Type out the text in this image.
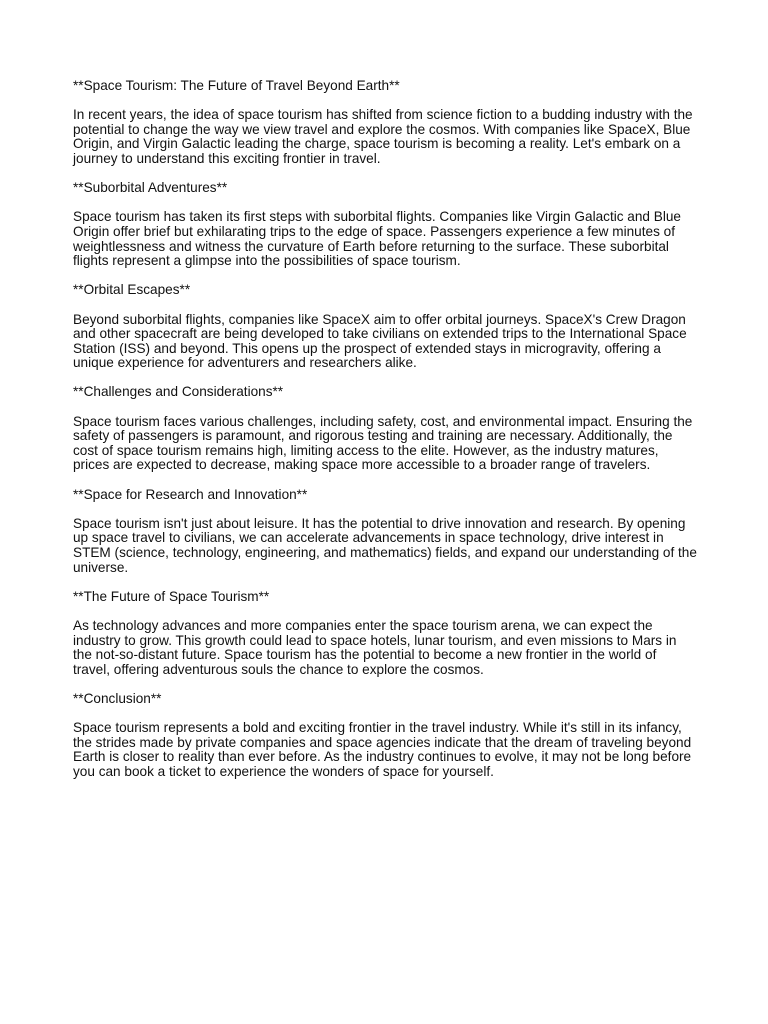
**Space Tourism: The Future of Travel Beyond Earth**

In recent years, the idea of space tourism has shifted from science fiction to a budding industry with the potential to change the way we view travel and explore the cosmos. With companies like SpaceX, Blue Origin, and Virgin Galactic leading the charge, space tourism is becoming a reality. Let's embark on a journey to understand this exciting frontier in travel.

**Suborbital Adventures**

Space tourism has taken its first steps with suborbital flights. Companies like Virgin Galactic and Blue Origin offer brief but exhilarating trips to the edge of space. Passengers experience a few minutes of weightlessness and witness the curvature of Earth before returning to the surface. These suborbital flights represent a glimpse into the possibilities of space tourism.

**Orbital Escapes**

Beyond suborbital flights, companies like SpaceX aim to offer orbital journeys. SpaceX's Crew Dragon and other spacecraft are being developed to take civilians on extended trips to the International Space Station (ISS) and beyond. This opens up the prospect of extended stays in microgravity, offering a unique experience for adventurers and researchers alike.

**Challenges and Considerations**

Space tourism faces various challenges, including safety, cost, and environmental impact. Ensuring the safety of passengers is paramount, and rigorous testing and training are necessary. Additionally, the cost of space tourism remains high, limiting access to the elite. However, as the industry matures, prices are expected to decrease, making space more accessible to a broader range of travelers.

**Space for Research and Innovation**

Space tourism isn't just about leisure. It has the potential to drive innovation and research. By opening up space travel to civilians, we can accelerate advancements in space technology, drive interest in STEM (science, technology, engineering, and mathematics) fields, and expand our understanding of the universe.

**The Future of Space Tourism**

As technology advances and more companies enter the space tourism arena, we can expect the industry to grow. This growth could lead to space hotels, lunar tourism, and even missions to Mars in the not-so-distant future. Space tourism has the potential to become a new frontier in the world of travel, offering adventurous souls the chance to explore the cosmos.

**Conclusion**

Space tourism represents a bold and exciting frontier in the travel industry. While it's still in its infancy, the strides made by private companies and space agencies indicate that the dream of traveling beyond Earth is closer to reality than ever before. As the industry continues to evolve, it may not be long before you can book a ticket to experience the wonders of space for yourself.
